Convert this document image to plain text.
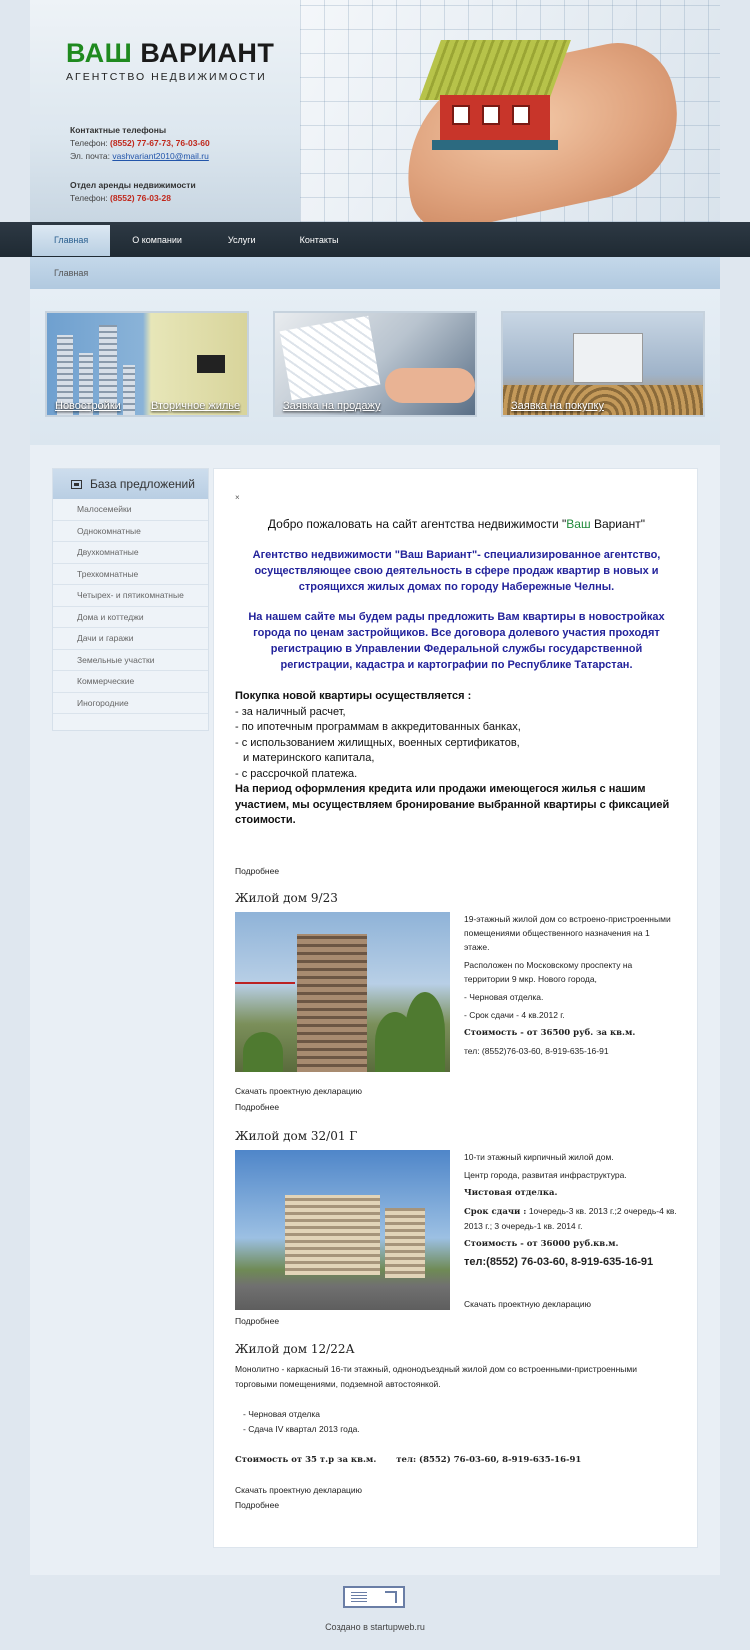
ВАШ ВАРИАНТ
АГЕНТСТВО НЕДВИЖИМОСТИ
Контактные телефоны
Телефон: (8552) 77-67-73, 76-03-60
Эл. почта: vashvariant2010@mail.ru
Отдел аренды недвижимости
Телефон: (8552) 76-03-28
Главная	О компании	Услуги	Контакты
Главная
Новостройки	Вторичное жилье	Заявка на продажу	Заявка на покупку
База предложений
Малосемейки
Однокомнатные
Двухкомнатные
Трехкомнатные
Четырех- и пятикомнатные
Дома и коттеджи
Дачи и гаражи
Земельные участки
Коммерческие
Иногородние
×
Добро пожаловать на сайт агентства недвижимости "Ваш Вариант"
Агентство недвижимости "Ваш Вариант"- специализированное агентство, осуществляющее свою деятельность в сфере продаж квартир в новых и строящихся жилых домах по городу Набережные Челны.
На нашем сайте мы будем рады предложить Вам квартиры в новостройках города по ценам застройщиков. Все договора долевого участия проходят регистрацию в Управлении Федеральной службы государственной регистрации, кадастра и картографии по Республике Татарстан.
Покупка новой квартиры осуществляется :
- за наличный расчет,
- по ипотечным программам в аккредитованных банках,
- с использованием жилищных, военных сертификатов,
и материнского капитала,
- с рассрочкой платежа.
На период оформления кредита или продажи имеющегося жилья с нашим участием, мы осуществляем бронирование выбранной квартиры с фиксацией стоимости.
Подробнее
Жилой дом 9/23

19-этажный жилой дом со встроено-пристроенными помещениями общественного назначения на 1 этаже.

Расположен по Московскому проспекту на территории 9 мкр. Нового города,

- Черновая отделка.

- Срок сдачи - 4 кв.2012 г.

Стоимость - от 36500 руб. за кв.м.

тел: (8552)76-03-60, 8-919-635-16-91

Скачать проектную декларацию
Подробнее
Жилой дом 32/01 Г

10-ти этажный кирпичный жилой дом.

Центр города, развитая инфраструктура.

Чистовая отделка.

Срок сдачи : 1очередь-3 кв. 2013 г.;2 очередь-4 кв. 2013 г.; 3 очередь-1 кв. 2014 г.

Стоимость - от 36000 руб.кв.м.

тел:(8552) 76-03-60, 8-919-635-16-91

Скачать проектную декларацию
Подробнее
Жилой дом 12/22А
Монолитно - каркасный 16-ти этажный, однонодъездный жилой дом со встроенными-пристроенными торговыми помещениями, подземной автостоянкой.
- Черновая отделка
- Сдача IV квартал 2013 года.
Стоимость от 35 т.р за кв.м. тел: (8552) 76-03-60, 8-919-635-16-91
Скачать проектную декларацию
Подробнее
Создано в startupweb.ru
